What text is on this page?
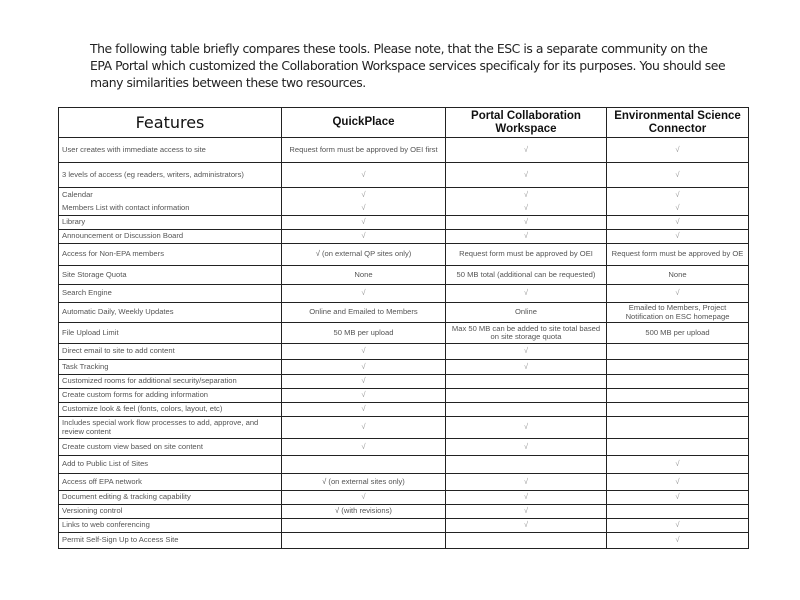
The following table briefly compares these tools. Please note, that the ESC is a separate community on the EPA Portal which customized the Collaboration Workspace services specificaly for its purposes. You should see many similarities between these two resources.
Features	QuickPlace	Portal Collaboration Workspace	Environmental Science Connector
User creates with immediate access to site	Request form must be approved by OEI first	√	√
3 levels of access (eg readers, writers, administrators)	√	√	√
Calendar	√	√	√
Members List with contact information	√	√	√
Library	√	√	√
Announcement or Discussion Board	√	√	√
Access for Non-EPA members	√ (on external QP sites only)	Request form must be approved by OEI	Request form must be approved by OE
Site Storage Quota	None	50 MB total (additional can be requested)	None
Search Engine	√	√	√
Automatic Daily, Weekly Updates	Online and Emailed to Members	Online	Emailed to Members, Project Notification on ESC homepage
File Upload Limit	50 MB per upload	Max 50 MB can be added to site total based on site storage quota	500 MB per upload
Direct email to site to add content	√	√	
Task Tracking	√	√	
Customized rooms for additional security/separation	√		
Create custom forms for adding information	√		
Customize look & feel (fonts, colors, layout, etc)	√		
Includes special work flow processes to add, approve, and review content	√	√	
Create custom view based on site content	√	√	
Add to Public List of Sites			√
Access off EPA network	√ (on external sites only)	√	√
Document editing & tracking capability	√	√	√
Versioning control	√ (with revisions)	√	
Links to web conferencing		√	√
Permit Self-Sign Up to Access Site			√
